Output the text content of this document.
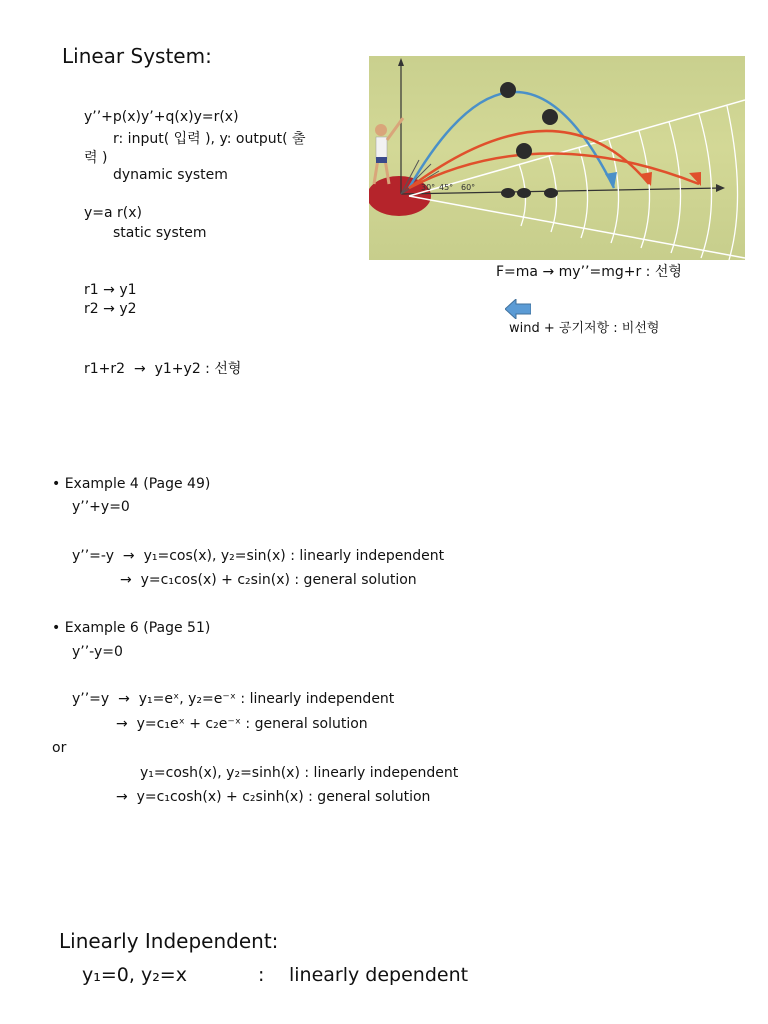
Linear System:
y’’+p(x)y’+q(x)y=r(x)
r: input( 입력 ), y: output( 출
력 )
dynamic system
y=a r(x)
static system
r1 → y1
r2 → y2
r1+r2 → y1+y2 : 선형
30° 45° 60°
F=ma → my’’=mg+r : 선형
wind + 공기저항 : 비선형
• Example 4 (Page 49)
y’’+y=0
y’’=-y → y₁=cos(x), y₂=sin(x) : linearly independent
→ y=c₁cos(x) + c₂sin(x) : general solution
• Example 6 (Page 51)
y’’-y=0
y’’=y → y₁=eˣ, y₂=e⁻ˣ : linearly independent
→ y=c₁eˣ + c₂e⁻ˣ : general solution
or
y₁=cosh(x), y₂=sinh(x) : linearly independent
→ y=c₁cosh(x) + c₂sinh(x) : general solution
Linearly Independent:
y₁=0, y₂=x	: linearly dependent
